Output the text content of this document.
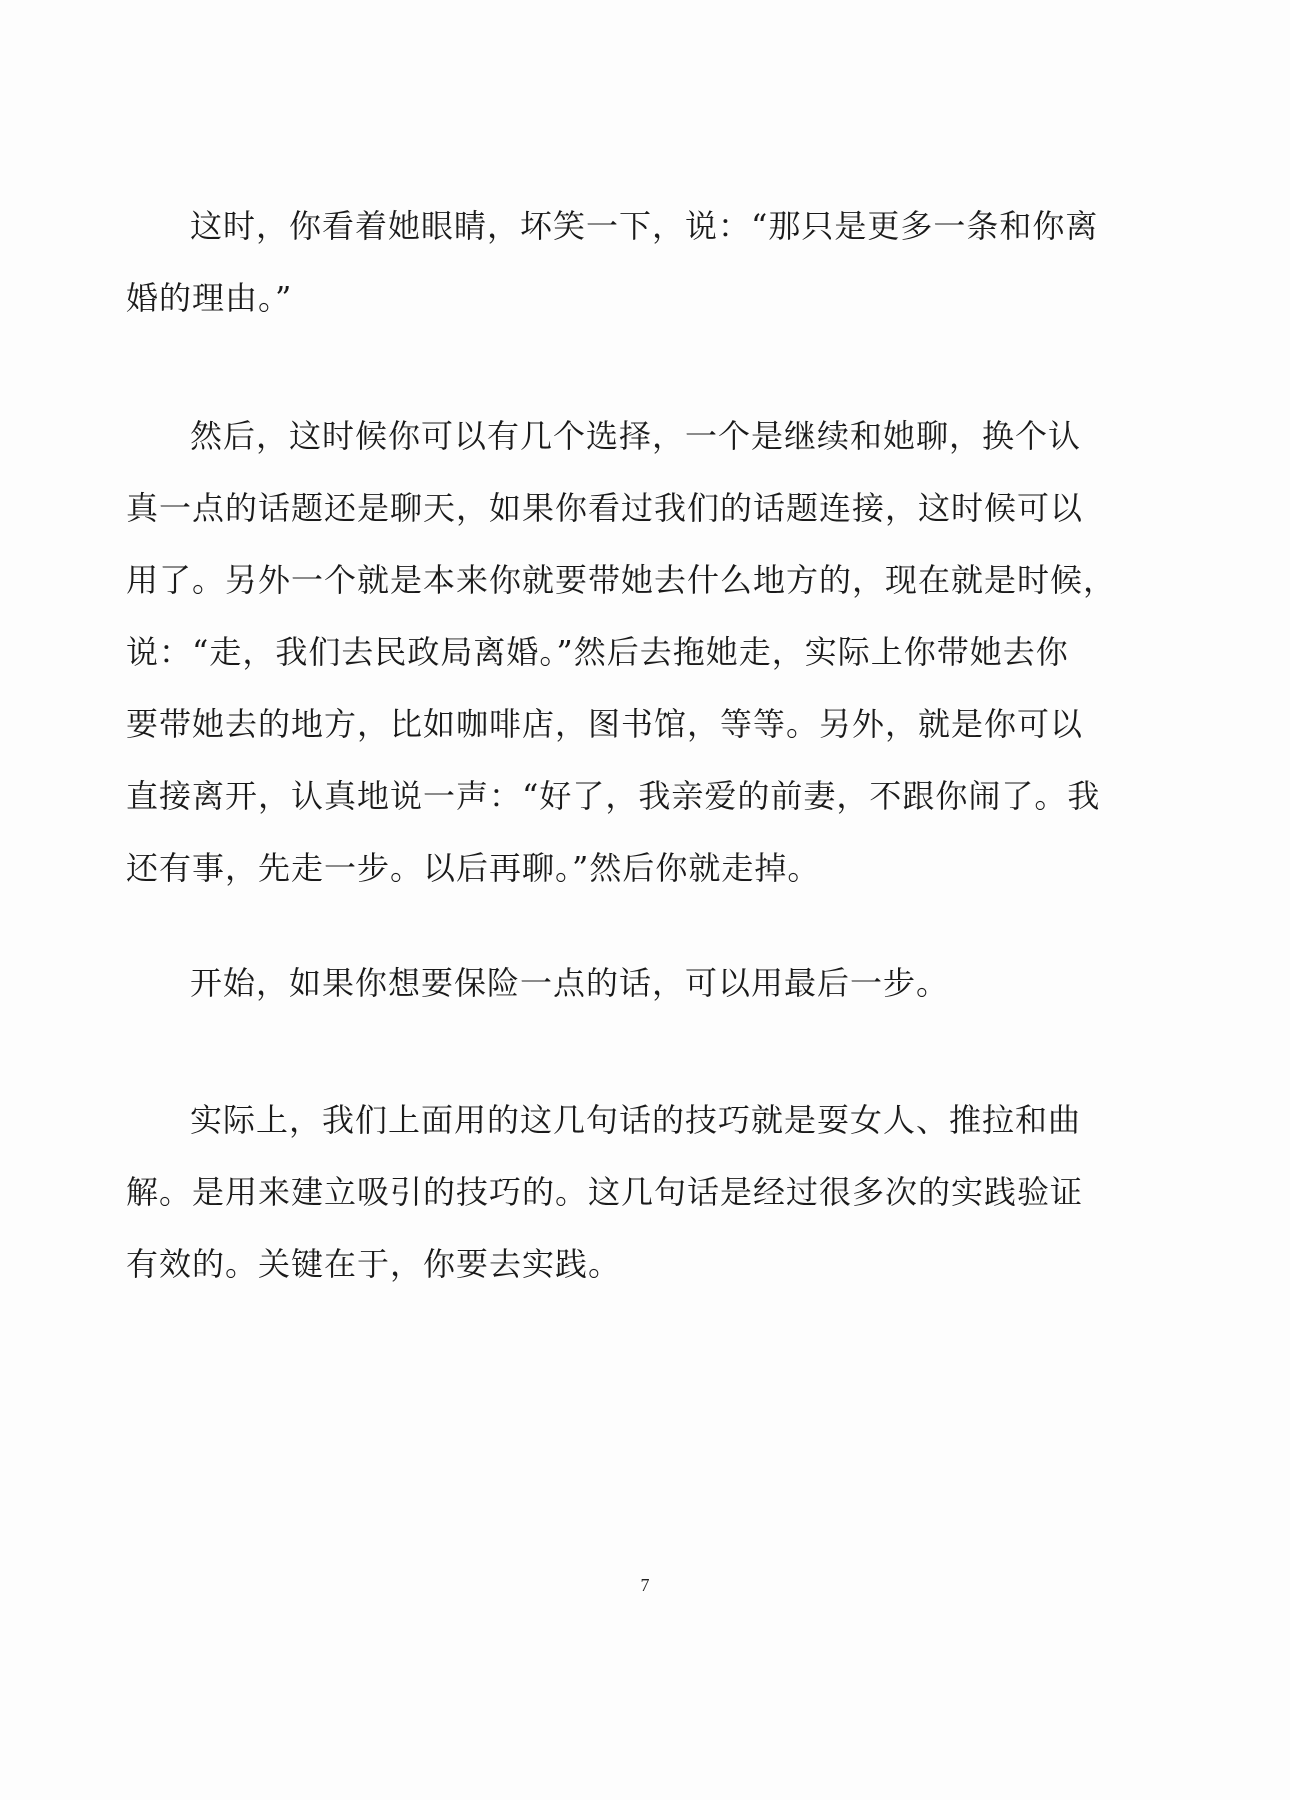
这时，你看着她眼睛，坏笑一下，说：“那只是更多一条和你离
婚的理由。”
然后，这时候你可以有几个选择，一个是继续和她聊，换个认
真一点的话题还是聊天，如果你看过我们的话题连接，这时候可以
用了。另外一个就是本来你就要带她去什么地方的，现在就是时候，
说：“走，我们去民政局离婚。”然后去拖她走，实际上你带她去你
要带她去的地方，比如咖啡店，图书馆，等等。另外，就是你可以
直接离开，认真地说一声：“好了，我亲爱的前妻，不跟你闹了。我
还有事，先走一步。以后再聊。”然后你就走掉。
开始，如果你想要保险一点的话，可以用最后一步。
实际上，我们上面用的这几句话的技巧就是耍女人、推拉和曲
解。是用来建立吸引的技巧的。这几句话是经过很多次的实践验证
有效的。关键在于，你要去实践。
7
